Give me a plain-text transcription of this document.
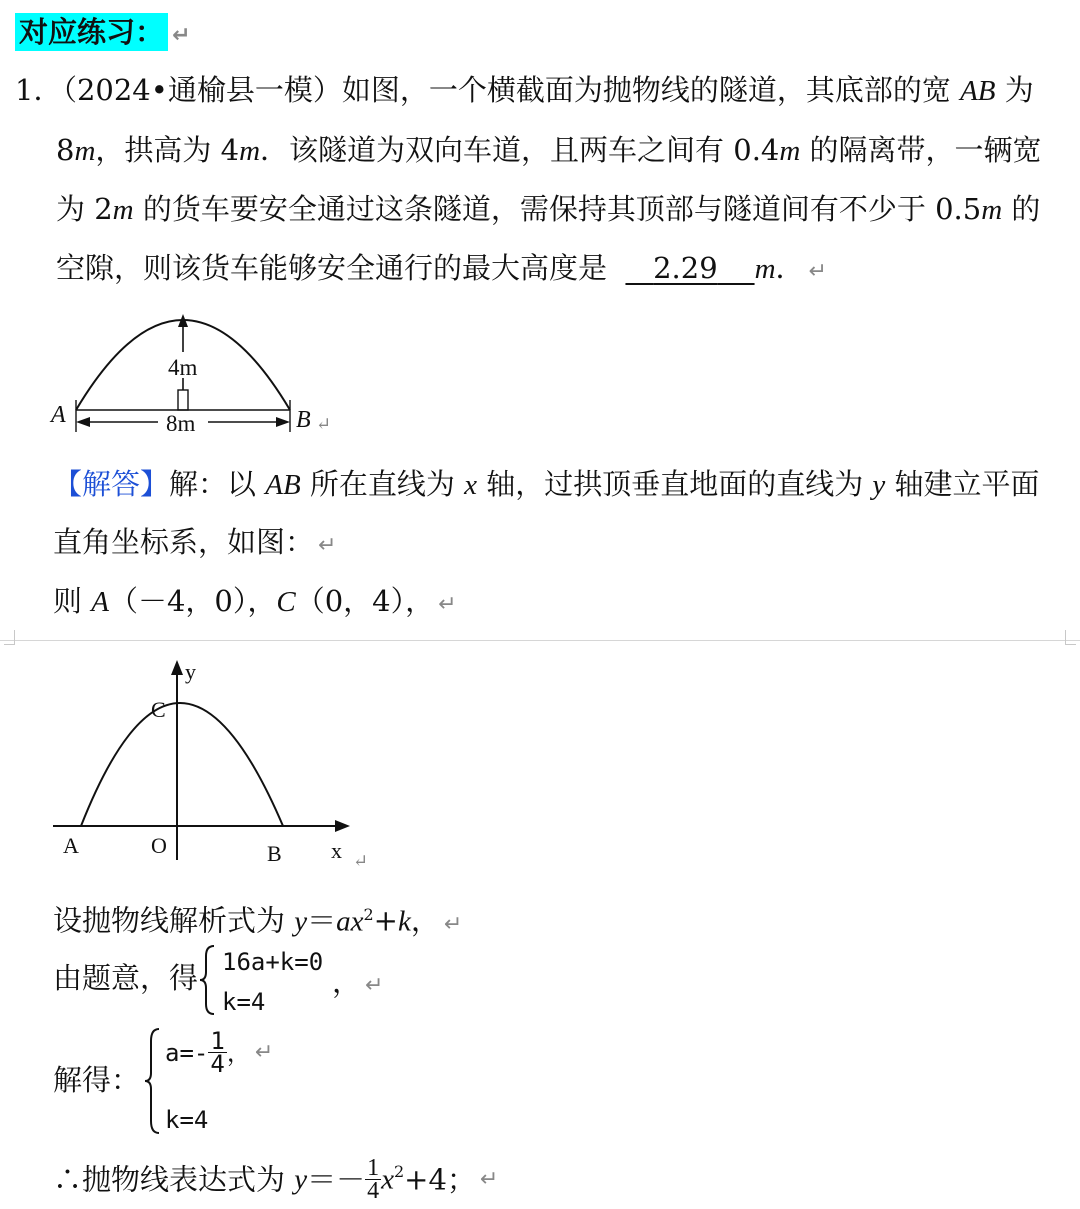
对应练习： ↵
1．（2024•通榆县一模）如图，一个横截面为抛物线的隧道，其底部的宽 AB 为
8m，拱高为 4m．该隧道为双向车道，且两车之间有 0.4m 的隔离带，一辆宽
为 2m 的货车要安全通过这条隧道，需保持其顶部与隧道间有不少于 0.5m 的
空隙，则该货车能够安全通行的最大高度是     2.29 m． ↵
4m
8m
A	B ↵
【解答】解：以 AB 所在直线为 x 轴，过拱顶垂直地面的直线为 y 轴建立平面
直角坐标系，如图： ↵
则 A（－4，0），C（0，4）， ↵
y
x
C
A	O	B	↵
设抛物线解析式为 $y=ax^2+k$， ↵
由题意，得 16a+k=0
k=4
， ↵
解得：
$a=- \frac{1}{4}$ ， ↵
k=4
∴抛物线表达式为 $y=- \frac{1}{4} x^2+4$； ↵
